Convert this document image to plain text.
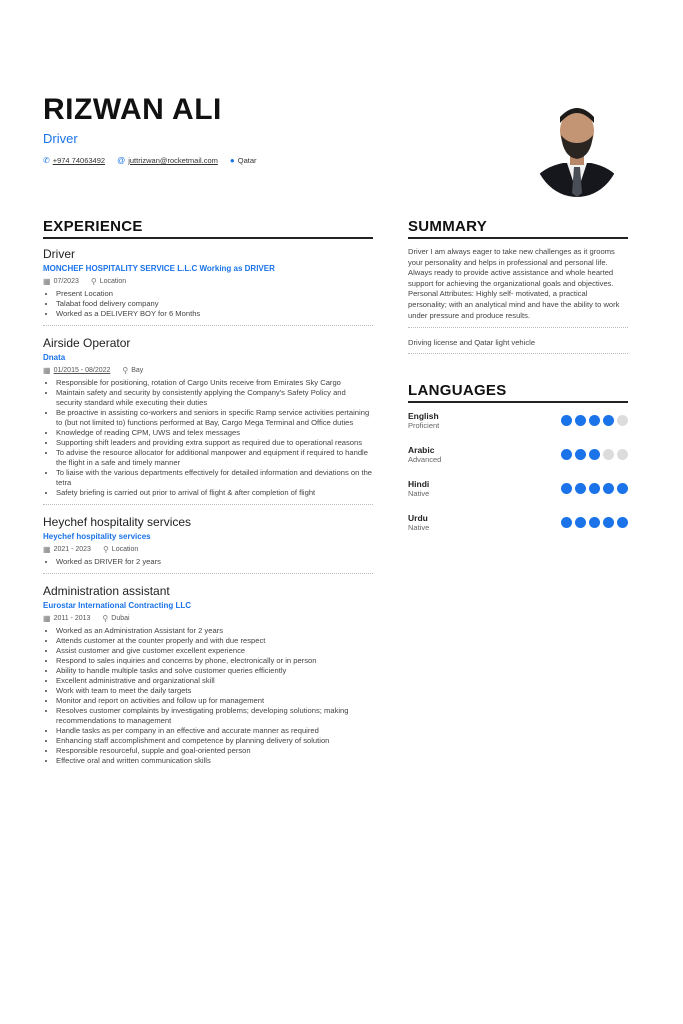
RIZWAN ALI
Driver
✆ +974 74063492 @ juttrizwan@rocketmail.com ● Qatar
EXPERIENCE
Driver
MONCHEF HOSPITALITY SERVICE L.L.C Working as DRIVER
▦ 07/2023 ⚲ Location
• Present Location
• Talabat food delivery company
• Worked as a DELIVERY BOY for 6 Months
Airside Operator
Dnata
▦ 01/2015 - 08/2022 ⚲ Bay
• Responsible for positioning, rotation of Cargo Units receive from Emirates Sky Cargo
• Maintain safety and security by consistently applying the Company's Safety Policy and security standard while executing their duties
• Be proactive in assisting co-workers and seniors in specific Ramp service activities pertaining to (but not limited to) functions performed at Bay, Cargo Mega Terminal and Office duties
• Knowledge of reading CPM, UWS and telex messages
• Supporting shift leaders and providing extra support as required due to operational reasons
• To advise the resource allocator for additional manpower and equipment if required to handle the flight in a safe and timely manner
• To liaise with the various departments effectively for detailed information and deviations on the tetra
• Safety briefing is carried out prior to arrival of flight & after completion of flight
Heychef hospitality services
Heychef hospitality services
▦ 2021 - 2023 ⚲ Location
• Worked as DRIVER for 2 years
Administration assistant
Eurostar International Contracting LLC
▦ 2011 - 2013 ⚲ Dubai
• Worked as an Administration Assistant for 2 years
• Attends customer at the counter properly and with due respect
• Assist customer and give customer excellent experience
• Respond to sales inquiries and concerns by phone, electronically or in person
• Ability to handle multiple tasks and solve customer queries efficiently
• Excellent administrative and organizational skill
• Work with team to meet the daily targets
• Monitor and report on activities and follow up for management
• Resolves customer complaints by investigating problems; developing solutions; making recommendations to management
• Handle tasks as per company in an effective and accurate manner as required
• Enhancing staff accomplishment and competence by planning delivery of solution
• Responsible resourceful, supple and goal-oriented person
• Effective oral and written communication skills
SUMMARY
Driver I am always eager to take new challenges as it grooms your personality and helps in professional and personal life. Always ready to provide active assistance and whole hearted support for achieving the organizational goals and objectives. Personal Attributes: Highly self- motivated, a practical personality; with an analytical mind and have the ability to work under pressure and produce results.
Driving license and Qatar light vehicle
LANGUAGES
English
Proficient
Arabic
Advanced
Hindi
Native
Urdu
Native
